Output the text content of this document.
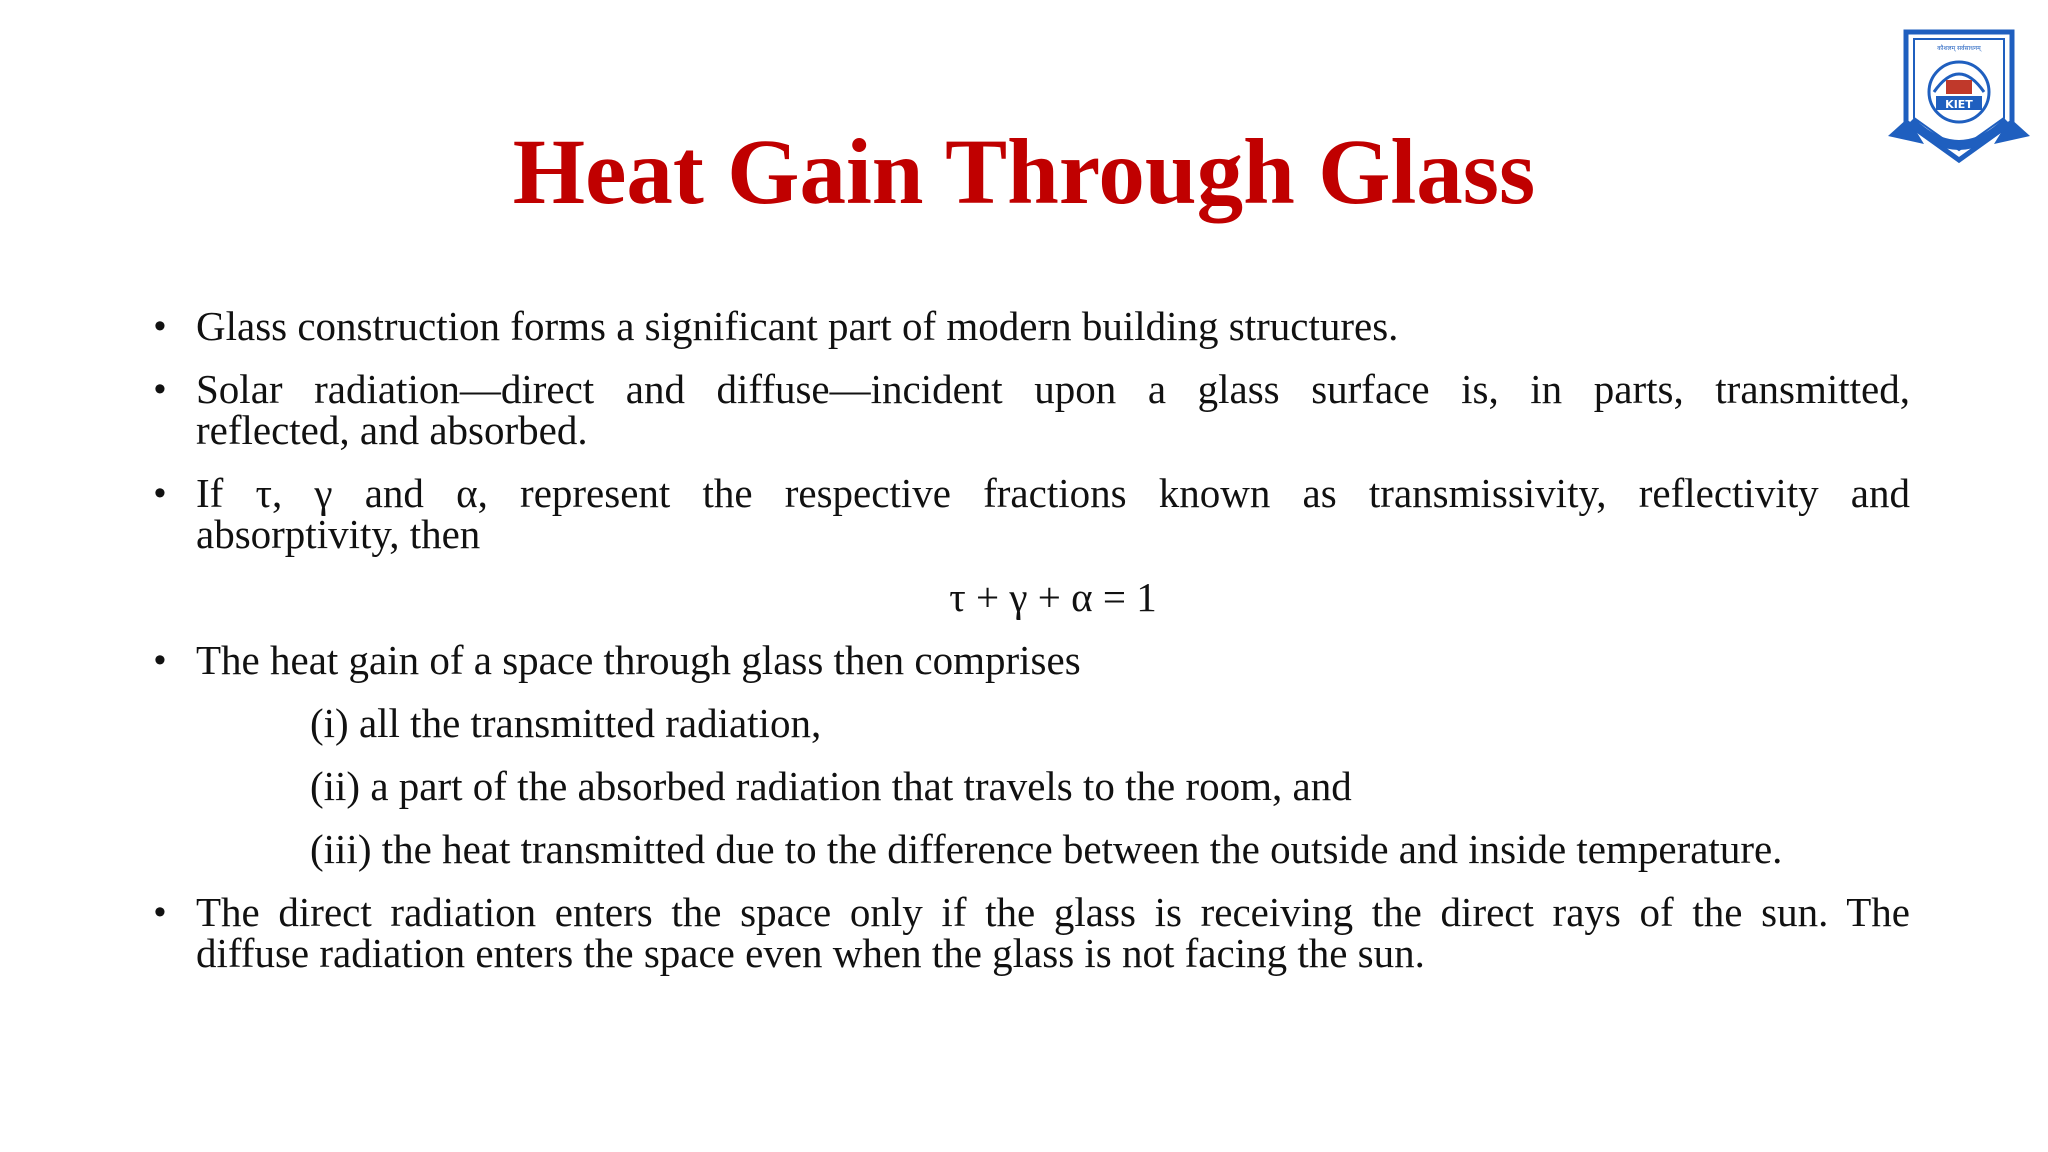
KIET
कौशलम् सर्वसाधनम्
Heat Gain Through Glass
• Glass construction forms a significant part of modern building structures.
• Solar radiation—direct and diffuse—incident upon a glass surface is, in parts, transmitted,
reflected, and absorbed.
• If τ, γ and α, represent the respective fractions known as transmissivity, reflectivity and
absorptivity, then
τ + γ + α = 1
• The heat gain of a space through glass then comprises
(i) all the transmitted radiation,
(ii) a part of the absorbed radiation that travels to the room, and
(iii) the heat transmitted due to the difference between the outside and inside temperature.
• The direct radiation enters the space only if the glass is receiving the direct rays of the sun. The
diffuse radiation enters the space even when the glass is not facing the sun.
